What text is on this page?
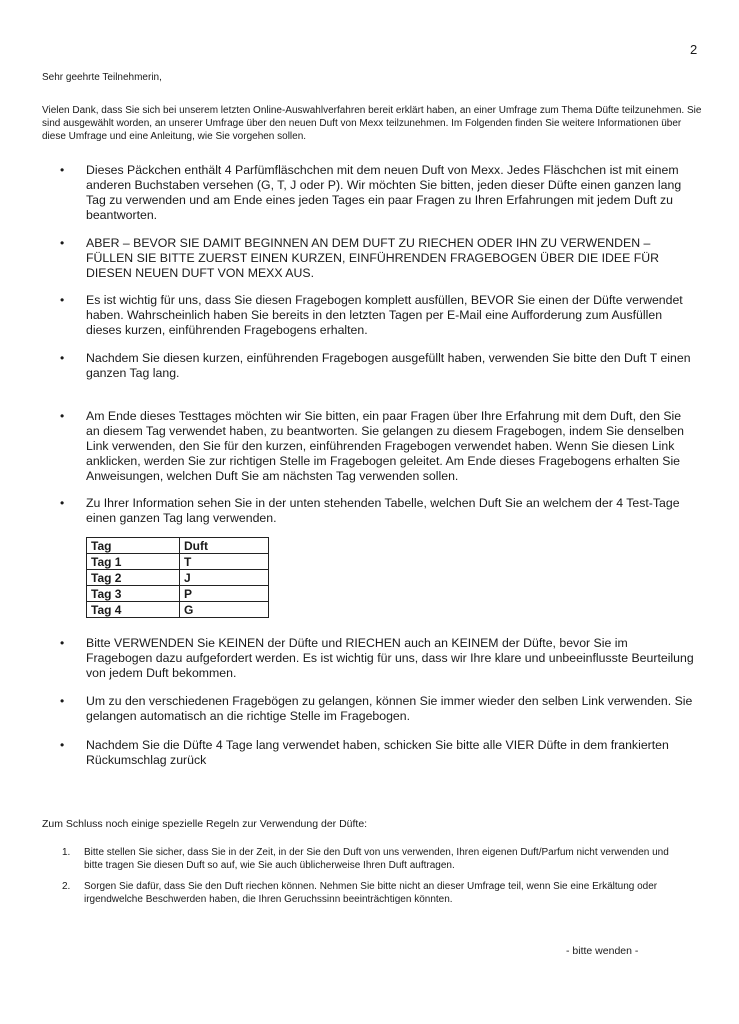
2
Sehr geehrte Teilnehmerin,
Vielen Dank, dass Sie sich bei unserem letzten Online-Auswahlverfahren bereit erklärt haben, an einer Umfrage zum Thema Düfte teilzunehmen. Sie sind ausgewählt worden, an unserer Umfrage über den neuen Duft von Mexx teilzunehmen. Im Folgenden finden Sie weitere Informationen über diese Umfrage und eine Anleitung, wie Sie vorgehen sollen.
• Dieses Päckchen enthält 4 Parfümfläschchen mit dem neuen Duft von Mexx. Jedes Fläschchen ist mit einem anderen Buchstaben versehen (G, T, J oder P). Wir möchten Sie bitten, jeden dieser Düfte einen ganzen lang Tag zu verwenden und am Ende eines jeden Tages ein paar Fragen zu Ihren Erfahrungen mit jedem Duft zu beantworten.
• ABER – BEVOR SIE DAMIT BEGINNEN AN DEM DUFT ZU RIECHEN ODER IHN ZU VERWENDEN – FÜLLEN SIE BITTE ZUERST EINEN KURZEN, EINFÜHRENDEN FRAGEBOGEN ÜBER DIE IDEE FÜR DIESEN NEUEN DUFT VON MEXX AUS.
• Es ist wichtig für uns, dass Sie diesen Fragebogen komplett ausfüllen, BEVOR Sie einen der Düfte verwendet haben. Wahrscheinlich haben Sie bereits in den letzten Tagen per E-Mail eine Aufforderung zum Ausfüllen dieses kurzen, einführenden Fragebogens erhalten.
• Nachdem Sie diesen kurzen, einführenden Fragebogen ausgefüllt haben, verwenden Sie bitte den Duft T einen ganzen Tag lang.
• Am Ende dieses Testtages möchten wir Sie bitten, ein paar Fragen über Ihre Erfahrung mit dem Duft, den Sie an diesem Tag verwendet haben, zu beantworten. Sie gelangen zu diesem Fragebogen, indem Sie denselben Link verwenden, den Sie für den kurzen, einführenden Fragebogen verwendet haben. Wenn Sie diesen Link anklicken, werden Sie zur richtigen Stelle im Fragebogen geleitet. Am Ende dieses Fragebogens erhalten Sie Anweisungen, welchen Duft Sie am nächsten Tag verwenden sollen.
• Zu Ihrer Information sehen Sie in der unten stehenden Tabelle, welchen Duft Sie an welchem der 4 Test-Tage einen ganzen Tag lang verwenden.
• Bitte VERWENDEN Sie KEINEN der Düfte und RIECHEN auch an KEINEM der Düfte, bevor Sie im Fragebogen dazu aufgefordert werden. Es ist wichtig für uns, dass wir Ihre klare und unbeeinflusste Beurteilung von jedem Duft bekommen.
• Um zu den verschiedenen Fragebögen zu gelangen, können Sie immer wieder den selben Link verwenden. Sie gelangen automatisch an die richtige Stelle im Fragebogen.
• Nachdem Sie die Düfte 4 Tage lang verwendet haben, schicken Sie bitte alle VIER Düfte in dem frankierten Rückumschlag zurück
Tag	Duft
Tag 1	T
Tag 2	J
Tag 3	P
Tag 4	G
Zum Schluss noch einige spezielle Regeln zur Verwendung der Düfte:
1. Bitte stellen Sie sicher, dass Sie in der Zeit, in der Sie den Duft von uns verwenden, Ihren eigenen Duft/Parfum nicht verwenden und bitte tragen Sie diesen Duft so auf, wie Sie auch üblicherweise Ihren Duft auftragen.
2. Sorgen Sie dafür, dass Sie den Duft riechen können. Nehmen Sie bitte nicht an dieser Umfrage teil, wenn Sie eine Erkältung oder irgendwelche Beschwerden haben, die Ihren Geruchssinn beeinträchtigen könnten.
- bitte wenden -
